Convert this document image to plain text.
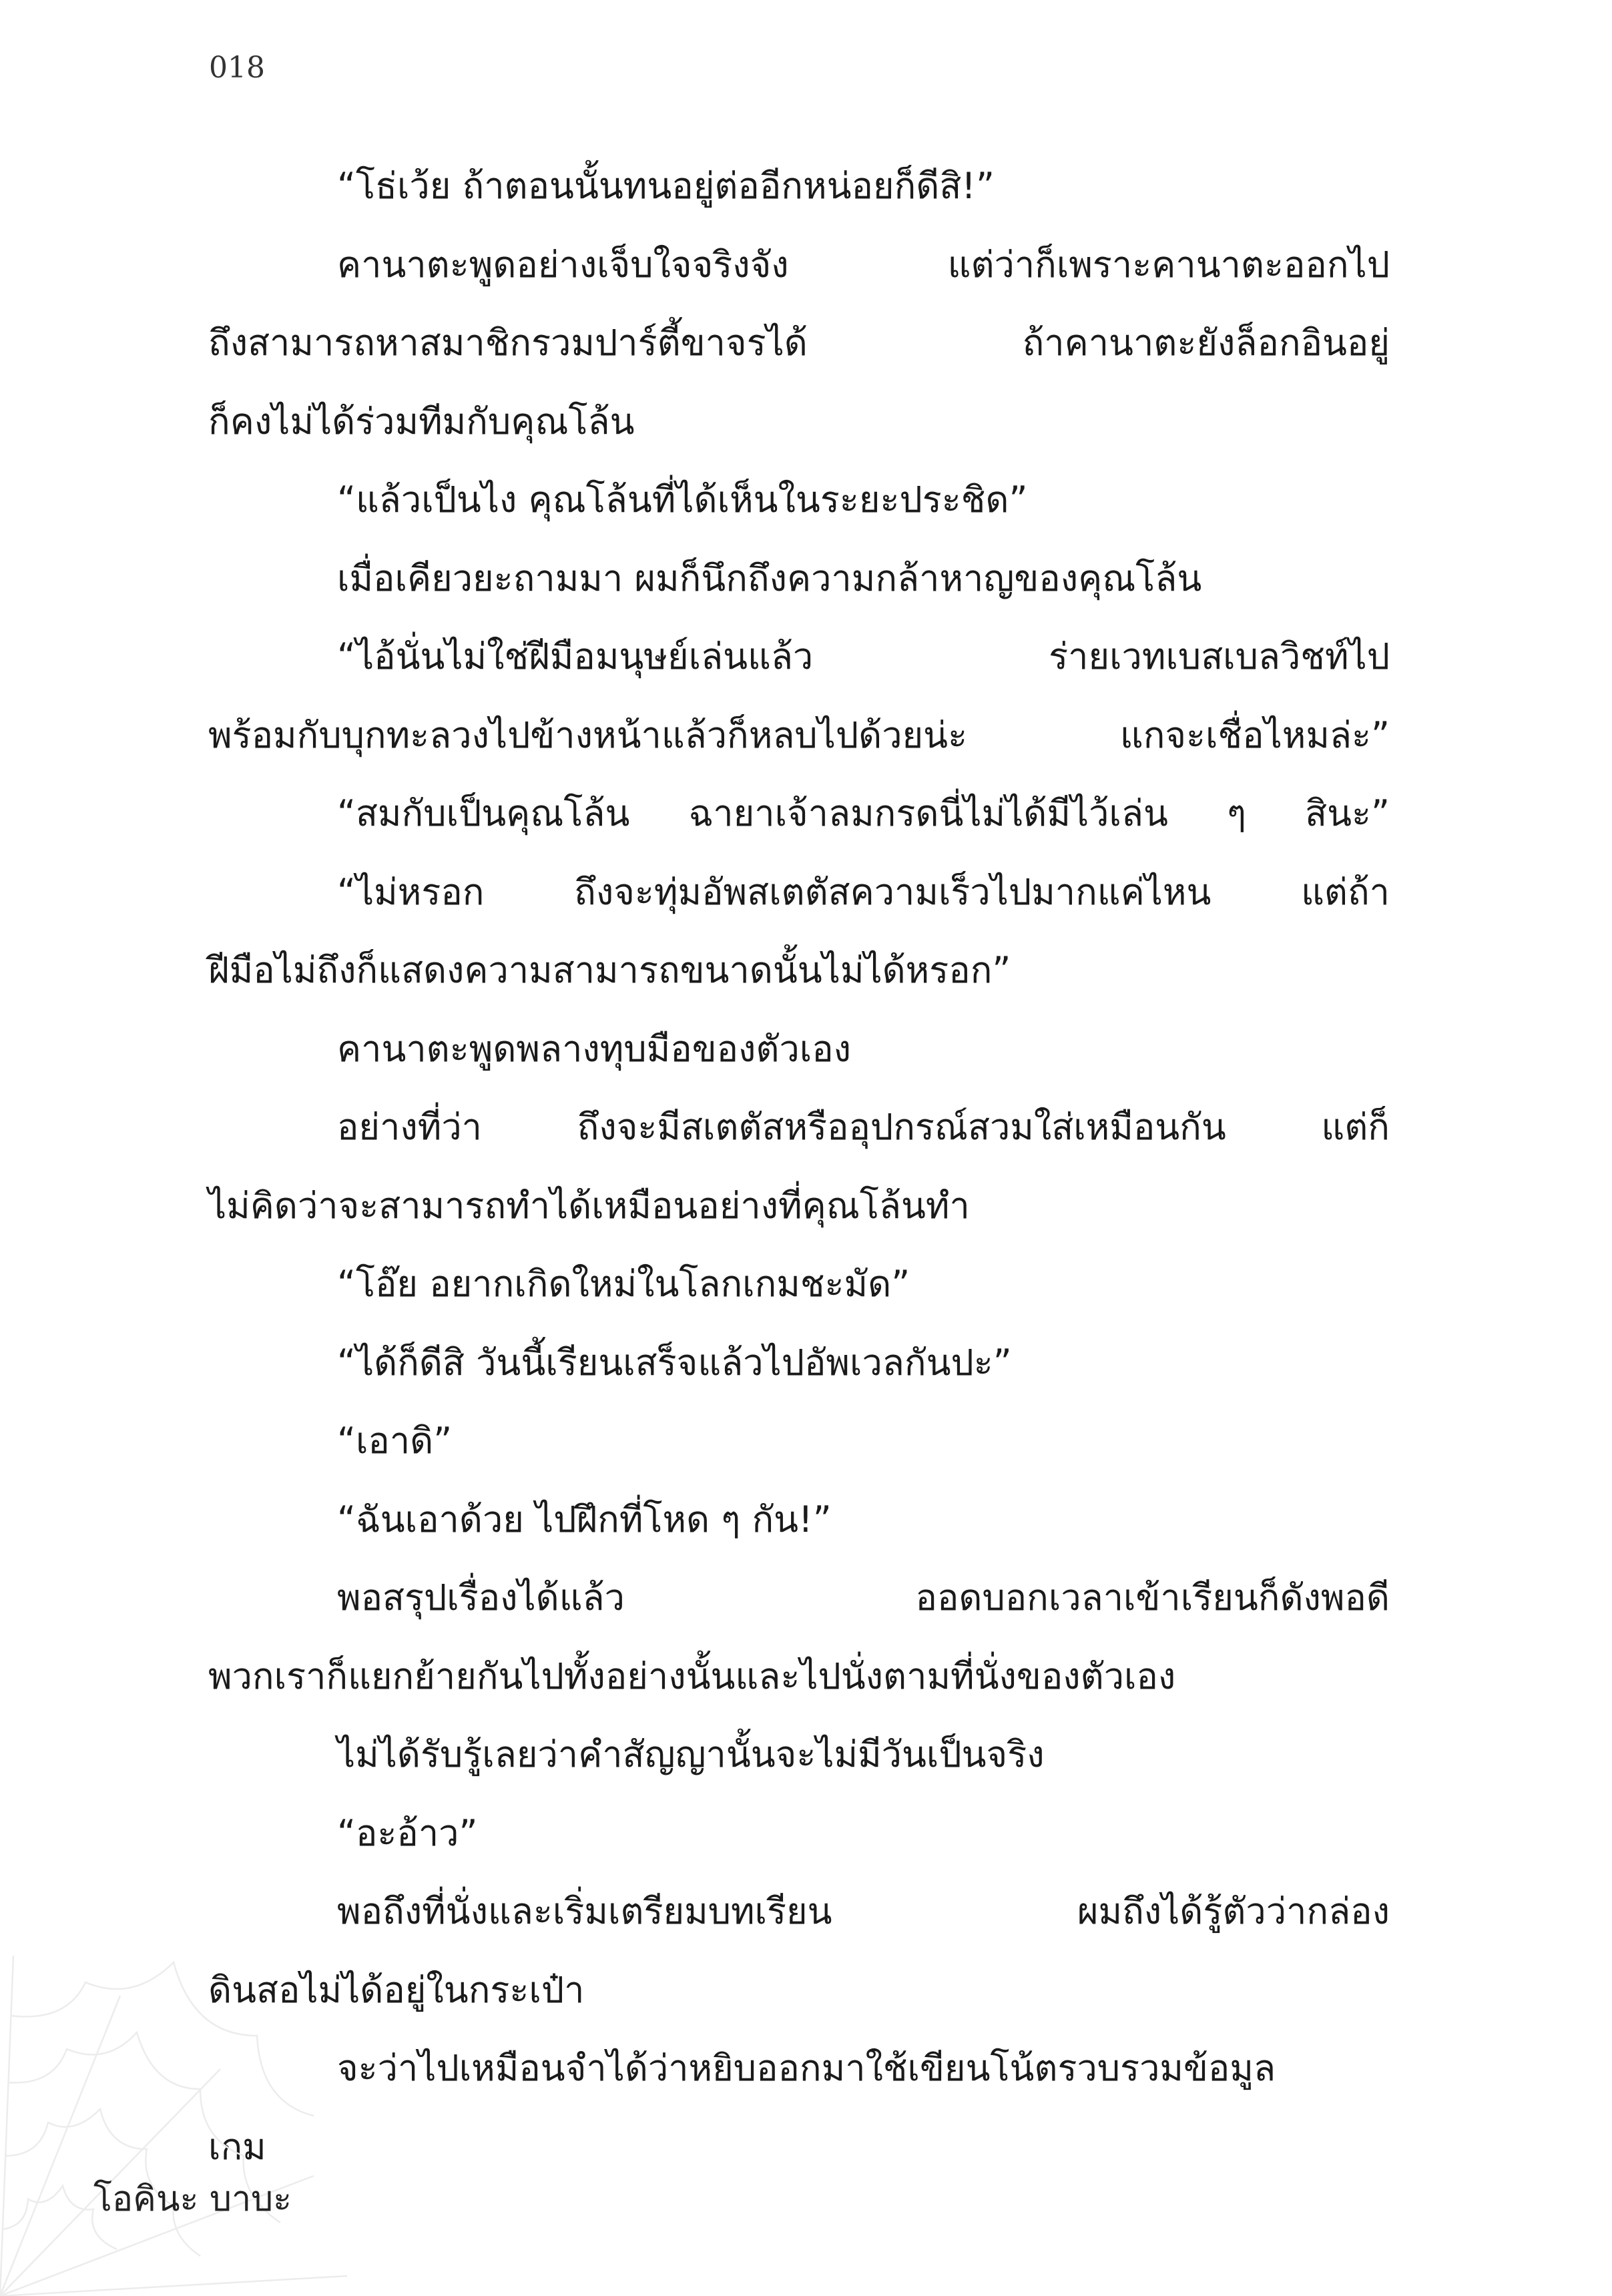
018

“โธ่เว้ย ถ้าตอนนั้นทนอยู่ต่ออีกหน่อยก็ดีสิ!”

คานาตะพูดอย่างเจ็บใจจริงจัง แต่ว่าก็เพราะคานาตะออกไป

ถึงสามารถหาสมาชิกรวมปาร์ตี้ขาจรได้ ถ้าคานาตะยังล็อกอินอยู่

ก็คงไม่ได้ร่วมทีมกับคุณโล้น

“แล้วเป็นไง คุณโล้นที่ได้เห็นในระยะประชิด”

เมื่อเคียวยะถามมา ผมก็นึกถึงความกล้าหาญของคุณโล้น

“ไอ้นั่นไม่ใช่ฝีมือมนุษย์เล่นแล้ว ร่ายเวทเบสเบลวิชท์ไป

พร้อมกับบุกทะลวงไปข้างหน้าแล้วก็หลบไปด้วยน่ะ แกจะเชื่อไหมล่ะ”

“สมกับเป็นคุณโล้น ฉายาเจ้าลมกรดนี่ไม่ได้มีไว้เล่น ๆ สินะ”

“ไม่หรอก ถึงจะทุ่มอัพสเตตัสความเร็วไปมากแค่ไหน แต่ถ้า

ฝีมือไม่ถึงก็แสดงความสามารถขนาดนั้นไม่ได้หรอก”

คานาตะพูดพลางทุบมือของตัวเอง

อย่างที่ว่า ถึงจะมีสเตตัสหรืออุปกรณ์สวมใส่เหมือนกัน แต่ก็

ไม่คิดว่าจะสามารถทำได้เหมือนอย่างที่คุณโล้นทำ

“โอ๊ย อยากเกิดใหม่ในโลกเกมชะมัด”

“ได้ก็ดีสิ วันนี้เรียนเสร็จแล้วไปอัพเวลกันปะ”

“เอาดิ”

“ฉันเอาด้วย ไปฝึกที่โหด ๆ กัน!”

พอสรุปเรื่องได้แล้ว ออดบอกเวลาเข้าเรียนก็ดังพอดี

พวกเราก็แยกย้ายกันไปทั้งอย่างนั้นและไปนั่งตามที่นั่งของตัวเอง

ไม่ได้รับรู้เลยว่าคำสัญญานั้นจะไม่มีวันเป็นจริง

“อะอ้าว”

พอถึงที่นั่งและเริ่มเตรียมบทเรียน ผมถึงได้รู้ตัวว่ากล่อง

ดินสอไม่ได้อยู่ในกระเป๋า

จะว่าไปเหมือนจำได้ว่าหยิบออกมาใช้เขียนโน้ตรวบรวมข้อมูล

เกม

โอคินะ บาบะ
